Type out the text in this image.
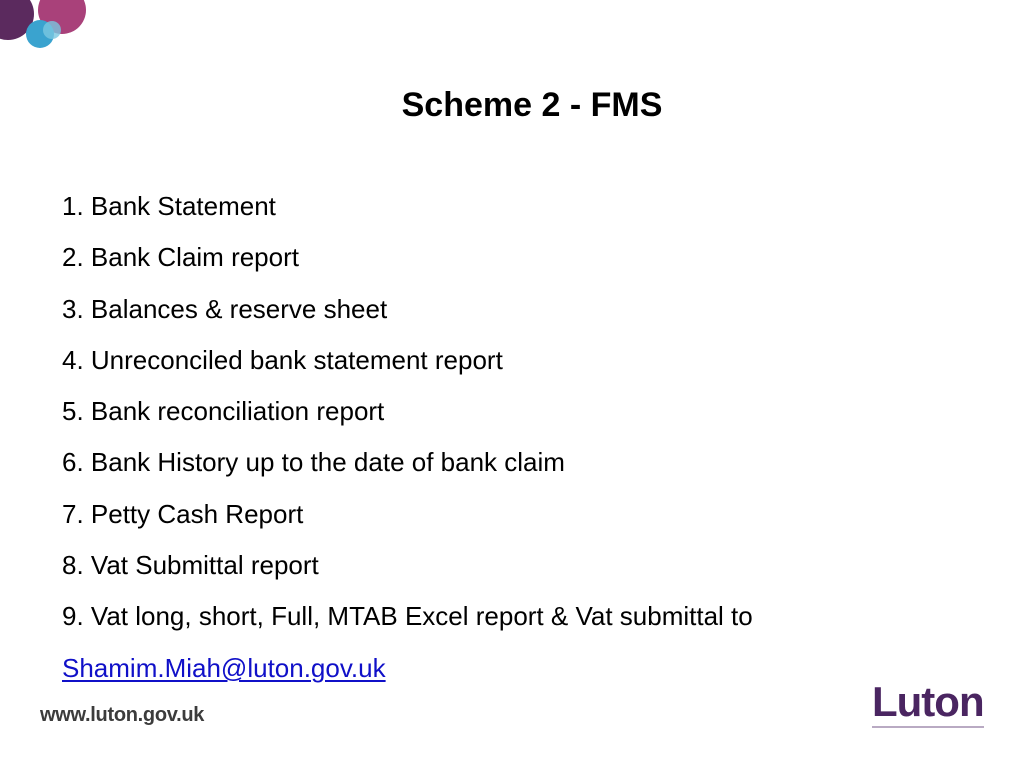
Scheme 2 - FMS
1. Bank Statement
2. Bank Claim report
3. Balances & reserve sheet
4. Unreconciled bank statement report
5. Bank reconciliation report
6. Bank History up to the date of bank claim
7. Petty Cash Report
8. Vat Submittal report
9. Vat long, short, Full, MTAB Excel report & Vat submittal to
Shamim.Miah@luton.gov.uk
www.luton.gov.uk	Luton
